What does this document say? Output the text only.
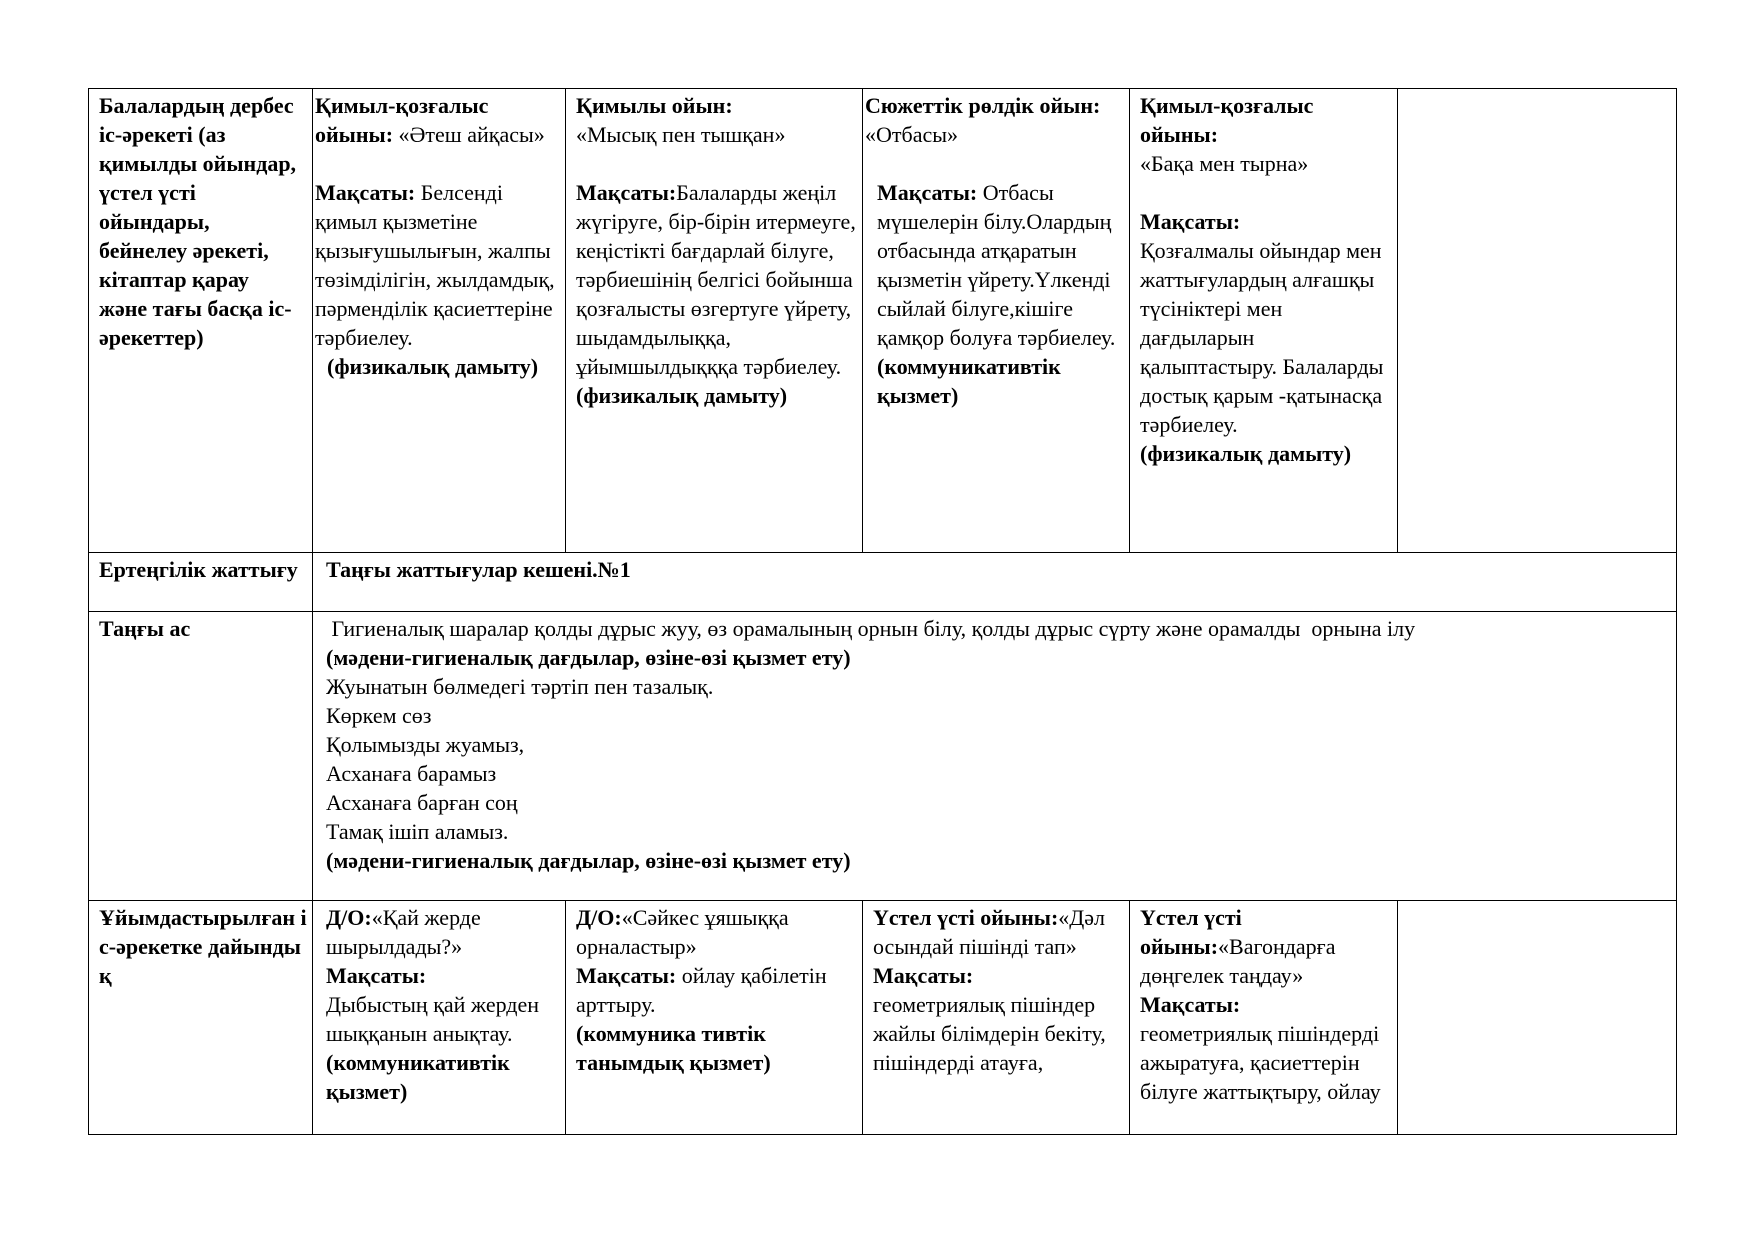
Балалардың дербес іс-әрекеті (аз қимылды ойындар, үстел үсті ойындары, бейнелеу әрекеті, кітаптар қарау және тағы басқа іс-әрекеттер)

Қимыл-қозғалыс ойыны: «Әтеш айқасы»

Мақсаты: Белсенді қимыл қызметіне қызығушылығын, жалпы төзімділігін, жылдамдық, пәрменділік қасиеттеріне тәрбиелеу.

(физикалық дамыту)

Қимылы ойын:

«Мысық пен тышқан»

Мақсаты:Балаларды жеңіл жүгіруге, бір-бірін итермеуге, кеңістікті бағдарлай білуге, тәрбиешінің белгісі бойынша қозғалысты өзгертуге үйрету, шыдамдылыққа, ұйымшылдықққа тәрбиелеу. (физикалық дамыту)

Сюжеттік рөлдік ойын: «Отбасы»

Мақсаты: Отбасы мүшелерін білу.Олардың отбасында атқаратын қызметін үйрету.Үлкенді сыйлай білуге,кішіге қамқор болуға тәрбиелеу.(коммуникативтік  қызмет)

Қимыл-қозғалыс ойыны:

«Бақа мен тырна»

Мақсаты:

Қозғалмалы ойындар мен жаттығулардың алғашқы түсініктері мен дағдыларын қалыптастыру. Балаларды достық қарым -қатынасқа тәрбиелеу.

(физикалық дамыту)

Ертеңгілік жаттығу	Таңғы жаттығулар кешені.№1

Таңғы ас	Гигиеналық шаралар қолды дұрыс жуу, өз орамалының орнын білу, қолды дұрыс сүрту және орамалды  орнына ілу

(мәдени-гигиеналық дағдылар, өзіне-өзі қызмет ету)

Жуынатын бөлмедегі тәртіп пен тазалық.

Көркем сөз

Қолымызды жуамыз,

Асханаға барамыз

Асханаға барған соң

Тамақ ішіп аламыз.

(мәдени-гигиеналық дағдылар, өзіне-өзі қызмет ету)

Ұйымдастырылған іс-әрекетке дайындық

Д/О:«Қай жерде шырылдады?»

Мақсаты:

Дыбыстың қай жерден шыққанын анықтау.(коммуникативтік  қызмет)

Д/О:«Сәйкес ұяшыққа орналастыр»

Мақсаты: ойлау қабілетін арттыру.

(коммуника тивтік танымдық қызмет)

Үстел үсті ойыны:«Дәл осындай пішінді тап»

Мақсаты:

геометриялық пішіндер жайлы білімдерін бекіту, пішіндерді атауға,

Үстел үсті ойыны:«Вагондарға дөңгелек таңдау»

Мақсаты:

геометриялық пішіндерді ажыратуға, қасиеттерін білуге жаттықтыру, ойлау
